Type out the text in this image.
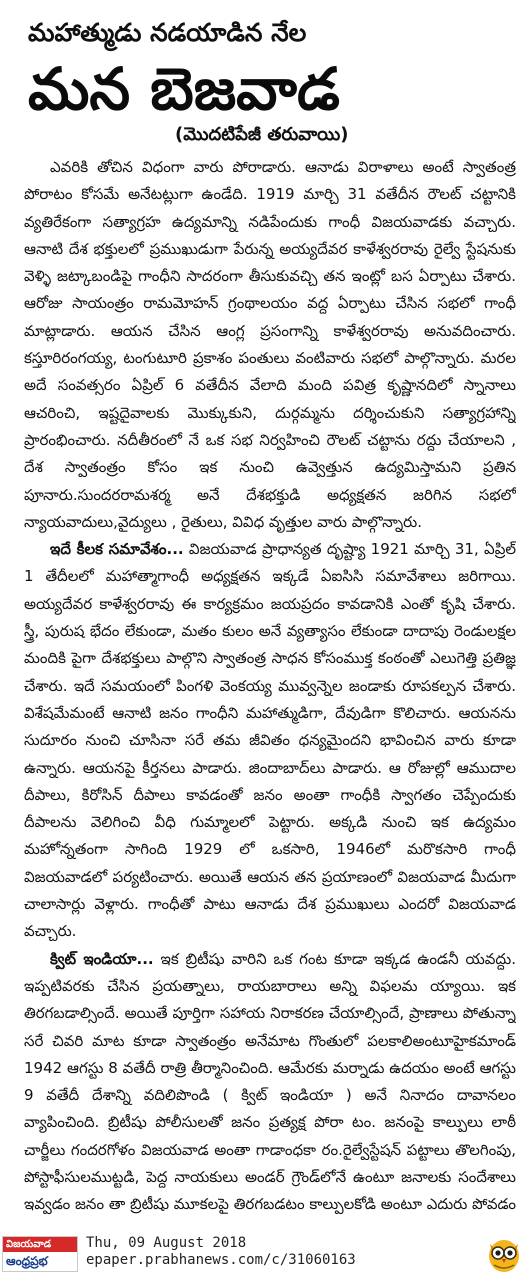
మహాత్ముడు నడయాడిన నేల
మన బెజవాడ
(మొదటిపేజీ తరువాయి)

ఎవరికి తోచిన విధంగా వారు పోరాడారు. ఆనాడు విరాళాలు అంటే స్వాతంత్ర పోరాటం కోసమే అనేటట్లుగా ఉండేది. 1919 మార్చి 31 వతేదీన రౌలట్ చట్టానికి వ్యతిరేకంగా సత్యాగ్రహ ఉద్యమాన్ని నడిపేందుకు గాంధీ విజయవాడకు వచ్చారు. ఆనాటి దేశ భక్తులలో ప్రముఖుడుగా పేరున్న అయ్యదేవర కాళేశ్వరరావు రైల్వే స్టేషనుకు వెళ్ళి జట్కాబండిపై గాంధీని సాదరంగా తీసుకువచ్చి తన ఇంట్లో బస ఏర్పాటు చేశారు. ఆరోజు సాయంత్రం రామమోహన్ గ్రంథాలయం వద్ద ఏర్పాటు చేసిన సభలో గాంధీ మాట్లాడారు. ఆయన చేసిన ఆంగ్ల ప్రసంగాన్ని కాళేశ్వరరావు అనువదించారు. కస్తూరిరంగయ్య, టంగుటూరి ప్రకాశం పంతులు వంటివారు సభలో పాల్గొన్నారు. మరల అదే సంవత్సరం ఏప్రిల్ 6 వతేదీన వేలాది మంది పవిత్ర కృష్ణానదిలో స్నానాలు ఆచరించి, ఇష్టదైవాలకు మొక్కుకుని, దుర్గమ్మను దర్శించుకుని సత్యాగ్రహాన్ని ప్రారంభించారు. నదీతీరంలో నే ఒక సభ నిర్వహించి రౌలట్ చట్టాను రద్దు చేయాలని , దేశ స్వాతంత్రం కోసం ఇక నుంచి ఉవ్వెత్తున ఉద్యమిస్తామని ప్రతిన పూనారు.సుందరరామశర్మ అనే దేశభక్తుడి అధ్యక్షతన జరిగిన సభలో న్యాయవాదులు,వైద్యులు , రైతులు, వివిధ వృత్తుల వారు పాల్గొన్నారు.

ఇదే కీలక సమావేశం... విజయవాడ ప్రాధాన్యత దృష్ట్యా 1921 మార్చి 31, ఏప్రిల్ 1 తేదీలలో మహాత్మాగాంధీ అధ్యక్షతన ఇక్కడే ఏఐసిసి సమావేశాలు జరిగాయి. అయ్యదేవర కాళేశ్వరరావు ఈ కార్యక్రమం జయప్రదం కావడానికి ఎంతో కృషి చేశారు. స్త్రీ, పురుష భేదం లేకుండా, మతం కులం అనే వ్యత్యాసం లేకుండా దాదాపు రెండులక్షల మందికి పైగా దేశభక్తులు పాల్గొని స్వాతంత్ర సాధన కోసంముక్త కంఠంతో ఎలుగెత్తి ప్రతిజ్ఞ చేశారు. ఇదే సమయంలో పింగళి వెంకయ్య మువ్వన్నెల జండాకు రూపకల్పన చేశారు. విశేషమేమంటే ఆనాటి జనం గాంధీని మహాత్ముడిగా, దేవుడిగా కొలిచారు. ఆయనను సుదూరం నుంచి చూసినా సరే తమ జీవితం ధన్యమైందని భావించిన వారు కూడా ఉన్నారు. ఆయనపై కీర్తనలు పాడారు. జిందాబాద్‌లు పాడారు. ఆ రోజుల్లో ఆముదాల దీపాలు, కిరోసిన్ దీపాలు కావడంతో జనం అంతా గాంధీకి స్వాగతం చెప్పేందుకు దీపాలను వెలిగించి వీధి గుమ్మాలలో పెట్టారు. అక్కడి నుంచి ఇక ఉద్యమం మహోన్నతంగా సాగింది 1929 లో ఒకసారి, 1946లో మరొకసారి గాంధీ విజయవాడలో పర్యటించారు. అయితే ఆయన తన ప్రయాణంలో విజయవాడ మీదుగా చాలాసార్లు వెళ్లారు. గాంధీతో పాటు ఆనాడు దేశ ప్రముఖులు ఎందరో విజయవాడ వచ్చారు.

క్విట్ ఇండియా... ఇక బ్రిటీషు వారిని ఒక గంట కూడా ఇక్కడ ఉండనీ యవద్దు. ఇప్పటివరకు చేసిన ప్రయత్నాలు, రాయబారాలు అన్ని విఫలమ య్యాయి. ఇక తిరగబడాల్సిందే. అయితే పూర్తిగా సహాయ నిరాకరణ చేయాల్సిందే, ప్రాణాలు పోతున్నా సరే చివరి మాట కూడా స్వాతంత్రం అనేమాట గొంతులో పలకాలిఅంటూహైకమాండ్ 1942 ఆగస్టు 8 వతేదీ రాత్రి తీర్మానించింది. ఆమేరకు మర్నాడు ఉదయం అంటే ఆగస్టు 9 వతేదీ దేశాన్ని వదిలిపొండి ( క్విట్ ఇండియా ) అనే నినాదం దావానలం వ్యాపించింది. బ్రిటీషు పోలీసులతో జనం ప్రత్యక్ష పోరా టం. జనంపై కాల్పులు లాఠీ చార్జీలు గందరగోళం విజయవాడ అంతా గాడాంధకా రం.రైల్వేస్టేషన్ పట్టాలు తొలగింపు, పోస్టాఫీసులముట్టడి, పెద్ద నాయకులు అండర్ గ్రౌండ్‌లోనే ఉంటూ జనాలకు సందేశాలు ఇవ్వడం జనం తా బ్రిటీషు మూకలపై తిరగబడటం కాల్పులకోడి అంటూ ఎదురు పోవడం

విజయవాడ
ఆంధ్రప్రభ
Thu, 09 August 2018
epaper.prabhanews.com/c/31060163
